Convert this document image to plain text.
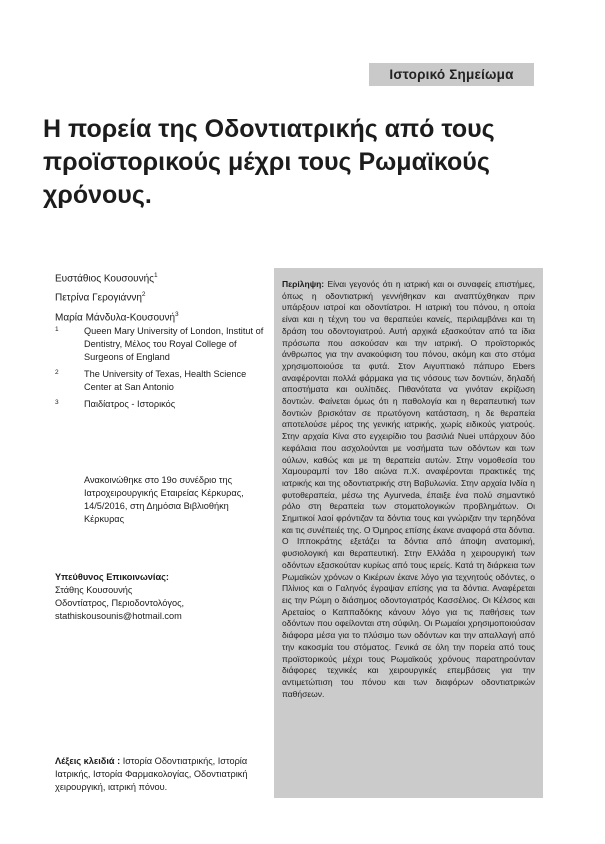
Ιστορικό Σημείωμα
Η πορεία της Οδοντιατρικής από τους προϊστορικούς μέχρι τους Ρωμαϊκούς χρόνους.
Ευστάθιος Κουσουνής$^1$
Πετρίνα Γερογιάννη$^2$
Μαρία Μάνδυλα-Κουσουνή$^3$
1	Queen Mary University of London, Institut of Dentistry, Μέλος του Royal College of Surgeons of England
2	The University of Texas, Health Science Center at San Antonio
3	Παιδίατρος - Ιστορικός

Ανακοινώθηκε στο 19ο συνέδριο της Ιατροχειρουργικής Εταιρείας Κέρκυρας, 14/5/2016, στη Δημόσια Βιβλιοθήκη Κέρκυρας

Υπεύθυνος Επικοινωνίας:
Στάθης Κουσουνής
Οδοντίατρος, Περιοδοντολόγος,
stathiskousounis@hotmail.com

Λέξεις κλειδιά : Ιστορία Οδοντιατρικής, Ιστορία Ιατρικής, Ιστορία Φαρμακολογίας, Οδοντιατρική χειρουργική, ιατρική πόνου.

Περίληψη: Είναι γεγονός ότι η ιατρική και οι συναφείς επιστήμες, όπως η οδοντιατρική γεννήθηκαν και αναπτύχθηκαν πριν υπάρξουν ιατροί και οδοντίατροι. Η ιατρική του πόνου, η οποία είναι και η τέχνη του να θεραπεύει κανείς, περιλαμβάνει και τη δράση του οδοντογιατρού. Αυτή αρχικά εξασκούταν από τα ίδια πρόσωπα που ασκούσαν και την ιατρική. Ο προϊστορικός άνθρωπος για την ανακούφιση του πόνου, ακόμη και στο στόμα χρησιμοποιούσε τα φυτά. Στον Αιγυπτιακό πάπυρο Ebers αναφέρονται πολλά φάρμακα για τις νόσους των δοντιών, δηλαδή αποστήματα και ουλίτιδες. Πιθανότατα να γινόταν εκρίζωση δοντιών. Φαίνεται όμως ότι η παθολογία και η θεραπευτική των δοντιών βρισκόταν σε πρωτόγονη κατάσταση, η δε θεραπεία αποτελούσε μέρος της γενικής ιατρικής, χωρίς ειδικούς γιατρούς. Στην αρχαία Κίνα στο εγχειρίδιο του βασιλιά Nuei υπάρχουν δύο κεφάλαια που ασχολούνται με νοσήματα των οδόντων και των ούλων, καθώς και με τη θεραπεία αυτών. Στην νομοθεσία του Χαμουραμπί τον 18ο αιώνα π.Χ. αναφέρονται πρακτικές της ιατρικής και της οδοντιατρικής στη Βαβυλωνία. Στην αρχαία Ινδία η φυτοθεραπεία, μέσω της Ayurveda, έπαιξε ένα πολύ σημαντικό ρόλο στη θεραπεία των στοματολογικών προβλημάτων. Οι Σημιτικοί λαοί φρόντιζαν τα δόντια τους και γνώριζαν την τερηδόνα και τις συνέπειές της. Ο Όμηρος επίσης έκανε αναφορά στα δόντια. Ο Ιπποκράτης εξετάζει τα δόντια από άποψη ανατομική, φυσιολογική και θεραπευτική. Στην Ελλάδα η χειρουργική των οδόντων εξασκούταν κυρίως από τους ιερείς. Κατά τη διάρκεια των Ρωμαϊκών χρόνων ο Κικέρων έκανε λόγο για τεχνητούς οδόντες, ο Πλίνιος και ο Γαληνός έγραψαν επίσης για τα δόντια. Αναφέρεται εις την Ρώμη ο διάσημος οδοντογιατρός Κασσέλιος. Οι Κέλσος και Αρεταίος ο Καππαδόκης κάνουν λόγο για τις παθήσεις των οδόντων που οφείλονται στη σύφιλη. Οι Ρωμαίοι χρησιμοποιούσαν διάφορα μέσα για το πλύσιμο των οδόντων και την απαλλαγή από την κακοσμία του στόματος. Γενικά σε όλη την πορεία από τους προϊστορικούς μέχρι τους Ρωμαϊκούς χρόνους παρατηρούνταν διάφορες τεχνικές και χειρουργικές επεμβάσεις για την αντιμετώπιση του πόνου και των διαφόρων οδοντιατρικών παθήσεων.
